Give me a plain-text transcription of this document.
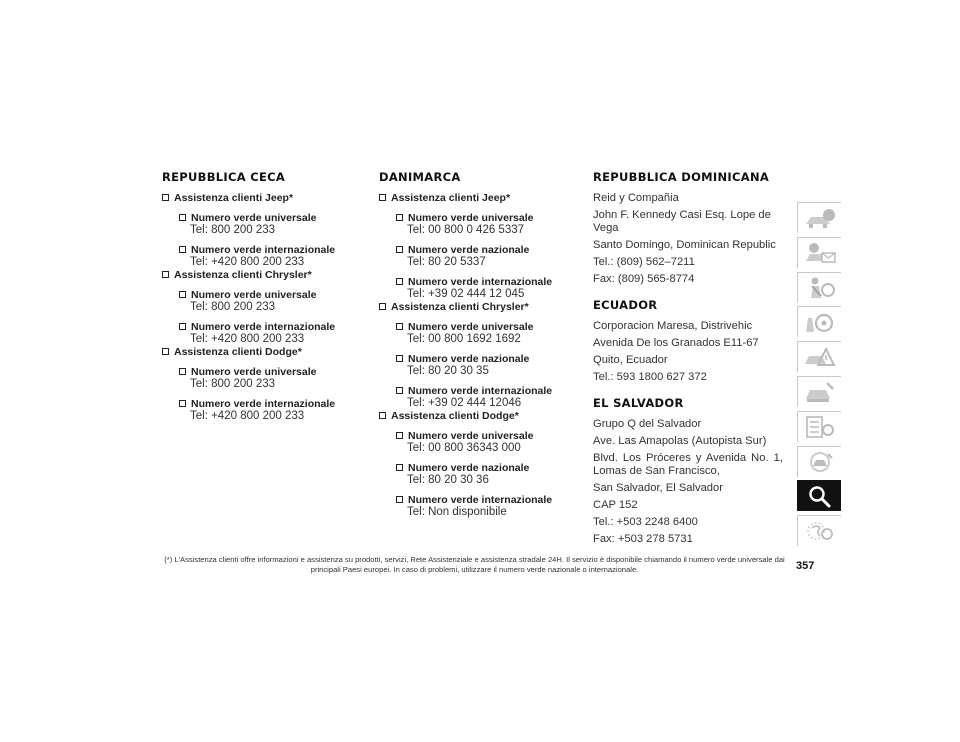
REPUBBLICA CECA
Assistenza clienti Jeep*
Numero verde universale
Tel: 800 200 233
Numero verde internazionale
Tel: +420 800 200 233
Assistenza clienti Chrysler*
Numero verde universale
Tel: 800 200 233
Numero verde internazionale
Tel: +420 800 200 233
Assistenza clienti Dodge*
Numero verde universale
Tel: 800 200 233
Numero verde internazionale
Tel: +420 800 200 233
DANIMARCA
Assistenza clienti Jeep*
Numero verde universale
Tel: 00 800 0 426 5337
Numero verde nazionale
Tel: 80 20 5337
Numero verde internazionale
Tel: +39 02 444 12 045
Assistenza clienti Chrysler*
Numero verde universale
Tel: 00 800 1692 1692
Numero verde nazionale
Tel: 80 20 30 35
Numero verde internazionale
Tel: +39 02 444 12046
Assistenza clienti Dodge*
Numero verde universale
Tel: 00 800 36343 000
Numero verde nazionale
Tel: 80 20 30 36
Numero verde internazionale
Tel: Non disponibile
REPUBBLICA DOMINICANA

Reid y Compañia

John F. Kennedy Casi Esq. Lope de Vega

Santo Domingo, Dominican Republic

Tel.: (809) 562–7211

Fax: (809) 565-8774

ECUADOR

Corporacion Maresa, Distrivehic

Avenida De los Granados E11-67

Quito, Ecuador

Tel.: 593 1800 627 372

EL SALVADOR

Grupo Q del Salvador

Ave. Las Amapolas (Autopista Sur)

Blvd. Los Próceres y Avenida No. 1, Lomas de San Francisco,

San Salvador, El Salvador

CAP 152

Tel.: +503 2248 6400

Fax: +503 278 5731

357
(*) L'Assistenza clienti offre informazioni e assistenza su prodotti, servizi, Rete Assistenziale e assistenza stradale 24H. Il servizio è disponibile chiamando il numero verde universale dai principali Paesi europei. In caso di problemi, utilizzare il numero verde nazionale o internazionale.
